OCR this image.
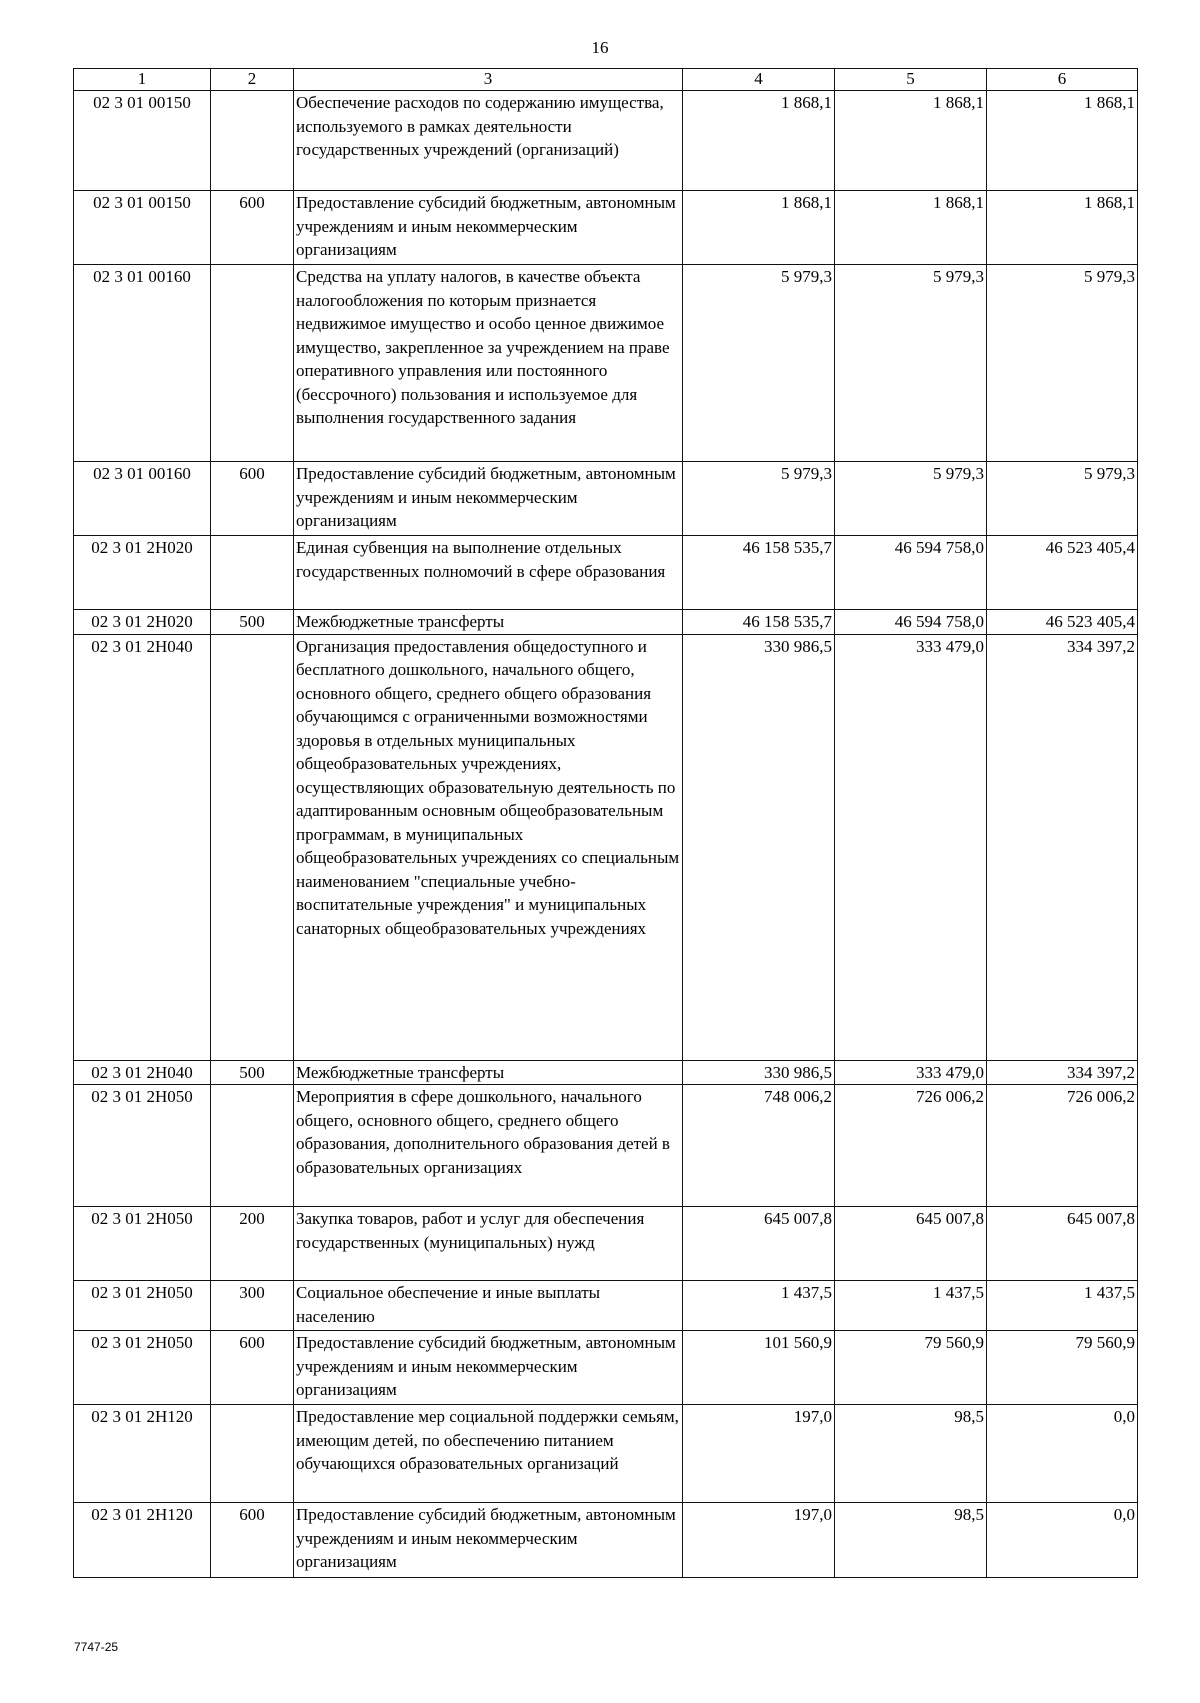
16
1	2	3	4	5	6
02 3 01 00150		Обеспечение расходов по содержанию имущества, используемого в рамках деятельности государственных учреждений (организаций)	1 868,1	1 868,1	1 868,1
02 3 01 00150	600	Предоставление субсидий бюджетным, автономным учреждениям и иным некоммерческим организациям	1 868,1	1 868,1	1 868,1
02 3 01 00160		Средства на уплату налогов, в качестве объекта налогообложения по которым признается недвижимое имущество и особо ценное движимое имущество, закрепленное за учреждением на праве оперативного управления или постоянного (бессрочного) пользования и используемое для выполнения государственного задания	5 979,3	5 979,3	5 979,3
02 3 01 00160	600	Предоставление субсидий бюджетным, автономным учреждениям и иным некоммерческим организациям	5 979,3	5 979,3	5 979,3
02 3 01 2Н020		Единая субвенция на выполнение отдельных государственных полномочий в сфере образования	46 158 535,7	46 594 758,0	46 523 405,4
02 3 01 2Н020	500	Межбюджетные трансферты	46 158 535,7	46 594 758,0	46 523 405,4
02 3 01 2Н040		Организация предоставления общедоступного и бесплатного дошкольного, начального общего, основного общего, среднего общего образования обучающимся с ограниченными возможностями здоровья в отдельных муниципальных общеобразовательных учреждениях, осуществляющих образовательную деятельность по адаптированным основным общеобразовательным программам, в муниципальных общеобразовательных учреждениях со специальным наименованием "специальные учебно-воспитательные учреждения" и муниципальных санаторных общеобразовательных учреждениях	330 986,5	333 479,0	334 397,2
02 3 01 2Н040	500	Межбюджетные трансферты	330 986,5	333 479,0	334 397,2
02 3 01 2Н050		Мероприятия в сфере дошкольного, начального общего, основного общего, среднего общего образования, дополнительного образования детей в образовательных организациях	748 006,2	726 006,2	726 006,2
02 3 01 2Н050	200	Закупка товаров, работ и услуг для обеспечения государственных (муниципальных) нужд	645 007,8	645 007,8	645 007,8
02 3 01 2Н050	300	Социальное обеспечение и иные выплаты населению	1 437,5	1 437,5	1 437,5
02 3 01 2Н050	600	Предоставление субсидий бюджетным, автономным учреждениям и иным некоммерческим организациям	101 560,9	79 560,9	79 560,9
02 3 01 2Н120		Предоставление мер социальной поддержки семьям, имеющим детей, по обеспечению питанием обучающихся образовательных организаций	197,0	98,5	0,0
02 3 01 2Н120	600	Предоставление субсидий бюджетным, автономным учреждениям и иным некоммерческим организациям	197,0	98,5	0,0
7747-25
